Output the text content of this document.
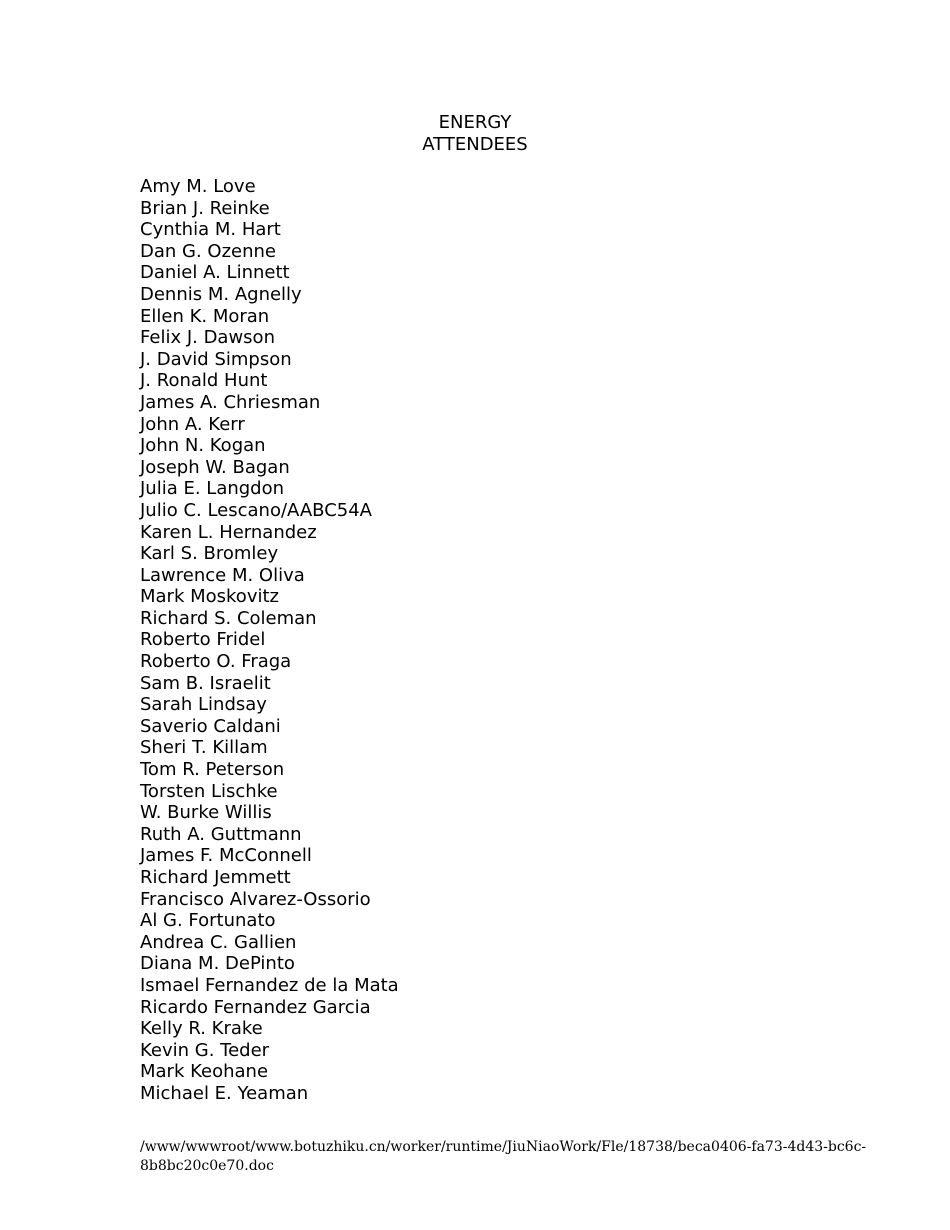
ENERGY
ATTENDEES
Amy M. Love
Brian J. Reinke
Cynthia M. Hart
Dan G. Ozenne
Daniel A. Linnett
Dennis M. Agnelly
Ellen K. Moran
Felix J. Dawson
J. David Simpson
J. Ronald Hunt
James A. Chriesman
John A. Kerr
John N. Kogan
Joseph W. Bagan
Julia E. Langdon
Julio C. Lescano/AABC54A
Karen L. Hernandez
Karl S. Bromley
Lawrence M. Oliva
Mark Moskovitz
Richard S. Coleman
Roberto Fridel
Roberto O. Fraga
Sam B. Israelit
Sarah Lindsay
Saverio Caldani
Sheri T. Killam
Tom R. Peterson
Torsten Lischke
W. Burke Willis
Ruth A. Guttmann
James F. McConnell
Richard Jemmett
Francisco Alvarez-Ossorio
Al G. Fortunato
Andrea C. Gallien
Diana M. DePinto
Ismael Fernandez de la Mata
Ricardo Fernandez Garcia
Kelly R. Krake
Kevin G. Teder
Mark Keohane
Michael E. Yeaman
/www/wwwroot/www.botuzhiku.cn/worker/runtime/JiuNiaoWork/Fle/18738/beca0406-fa73-4d43-bc6c-
8b8bc20c0e70.doc
